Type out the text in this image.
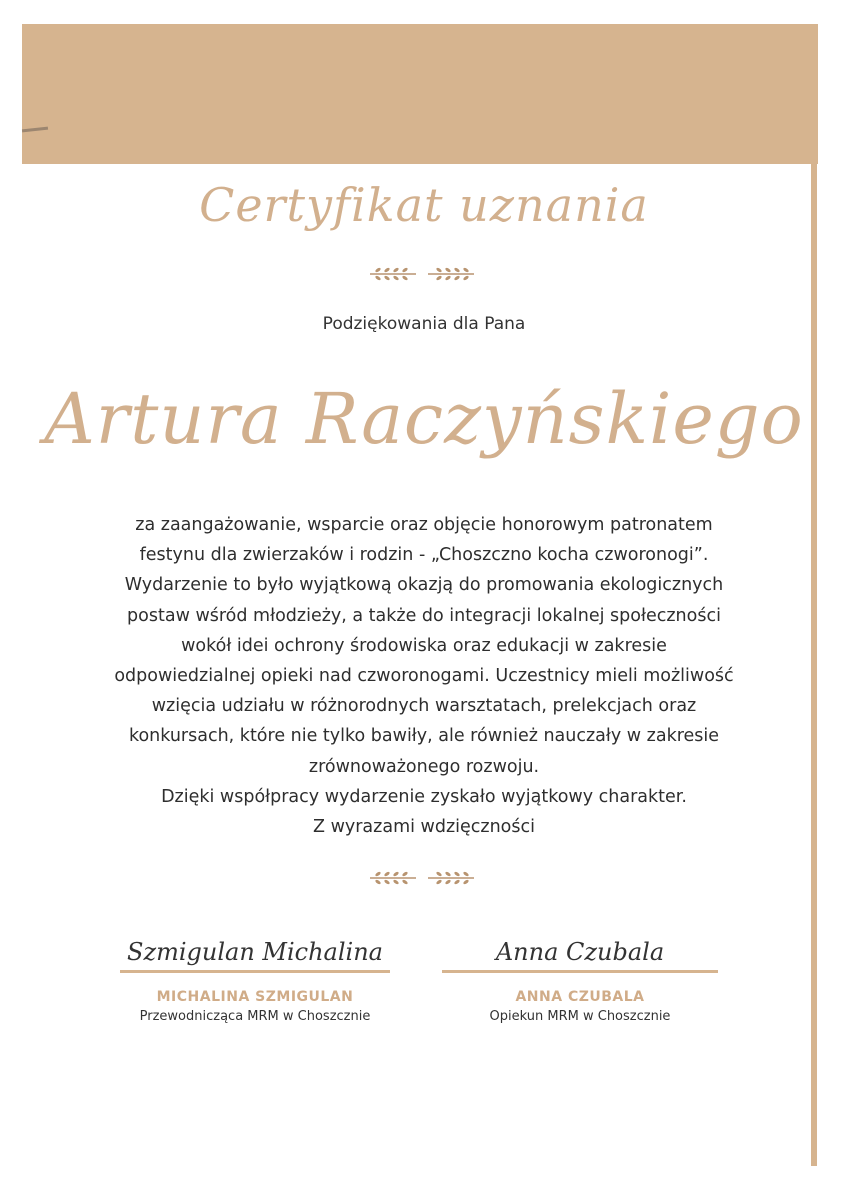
Certyfikat uznania
Podziękowania dla Pana
Artura Raczyńskiego
za zaangażowanie, wsparcie oraz objęcie honorowym patronatem
festynu dla zwierzaków i rodzin - „Choszczno kocha czworonogi”.
Wydarzenie to było wyjątkową okazją do promowania ekologicznych
postaw wśród młodzieży, a także do integracji lokalnej społeczności
wokół idei ochrony środowiska oraz edukacji w zakresie
odpowiedzialnej opieki nad czworonogami. Uczestnicy mieli możliwość
wzięcia udziału w różnorodnych warsztatach, prelekcjach oraz
konkursach, które nie tylko bawiły, ale również nauczały w zakresie
zrównoważonego rozwoju.
Dzięki współpracy wydarzenie zyskało wyjątkowy charakter.
Z wyrazami wdzięczności
Szmigulan Michalina
MICHALINA SZMIGULAN
Przewodnicząca MRM w Choszcznie
Anna Czubala
ANNA CZUBALA
Opiekun MRM w Choszcznie
